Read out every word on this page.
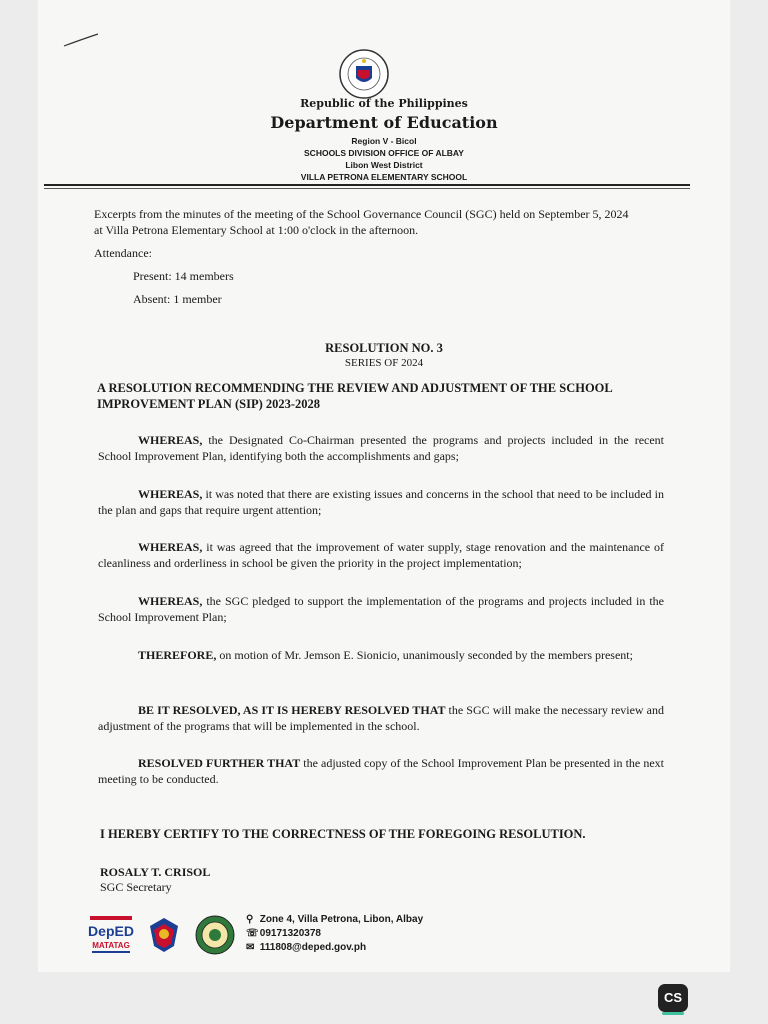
Republic of the Philippines
Department of Education
Region V - Bicol
SCHOOLS DIVISION OFFICE OF ALBAY
Libon West District
VILLA PETRONA ELEMENTARY SCHOOL
Excerpts from the minutes of the meeting of the School Governance Council (SGC) held on September 5, 2024 at Villa Petrona Elementary School at 1:00 o'clock in the afternoon.
Attendance:
Present: 14 members
Absent: 1 member
RESOLUTION NO. 3
SERIES OF 2024
A RESOLUTION RECOMMENDING THE REVIEW AND ADJUSTMENT OF THE SCHOOL IMPROVEMENT PLAN (SIP) 2023-2028
WHEREAS, the Designated Co-Chairman presented the programs and projects included in the recent School Improvement Plan, identifying both the accomplishments and gaps;
WHEREAS, it was noted that there are existing issues and concerns in the school that need to be included in the plan and gaps that require urgent attention;
WHEREAS, it was agreed that the improvement of water supply, stage renovation and the maintenance of cleanliness and orderliness in school be given the priority in the project implementation;
WHEREAS, the SGC pledged to support the implementation of the programs and projects included in the School Improvement Plan;
THEREFORE, on motion of Mr. Jemson E. Sionicio, unanimously seconded by the members present;
BE IT RESOLVED, AS IT IS HEREBY RESOLVED THAT the SGC will make the necessary review and adjustment of the programs that will be implemented in the school.
RESOLVED FURTHER THAT the adjusted copy of the School Improvement Plan be presented in the next meeting to be conducted.
I HEREBY CERTIFY TO THE CORRECTNESS OF THE FOREGOING RESOLUTION.
ROSALY T. CRISOL
SGC Secretary
DepED
MATATAG
⚲ Zone 4, Villa Petrona, Libon, Albay
☏ 09171320378
✉ 111808@deped.gov.ph
CS
